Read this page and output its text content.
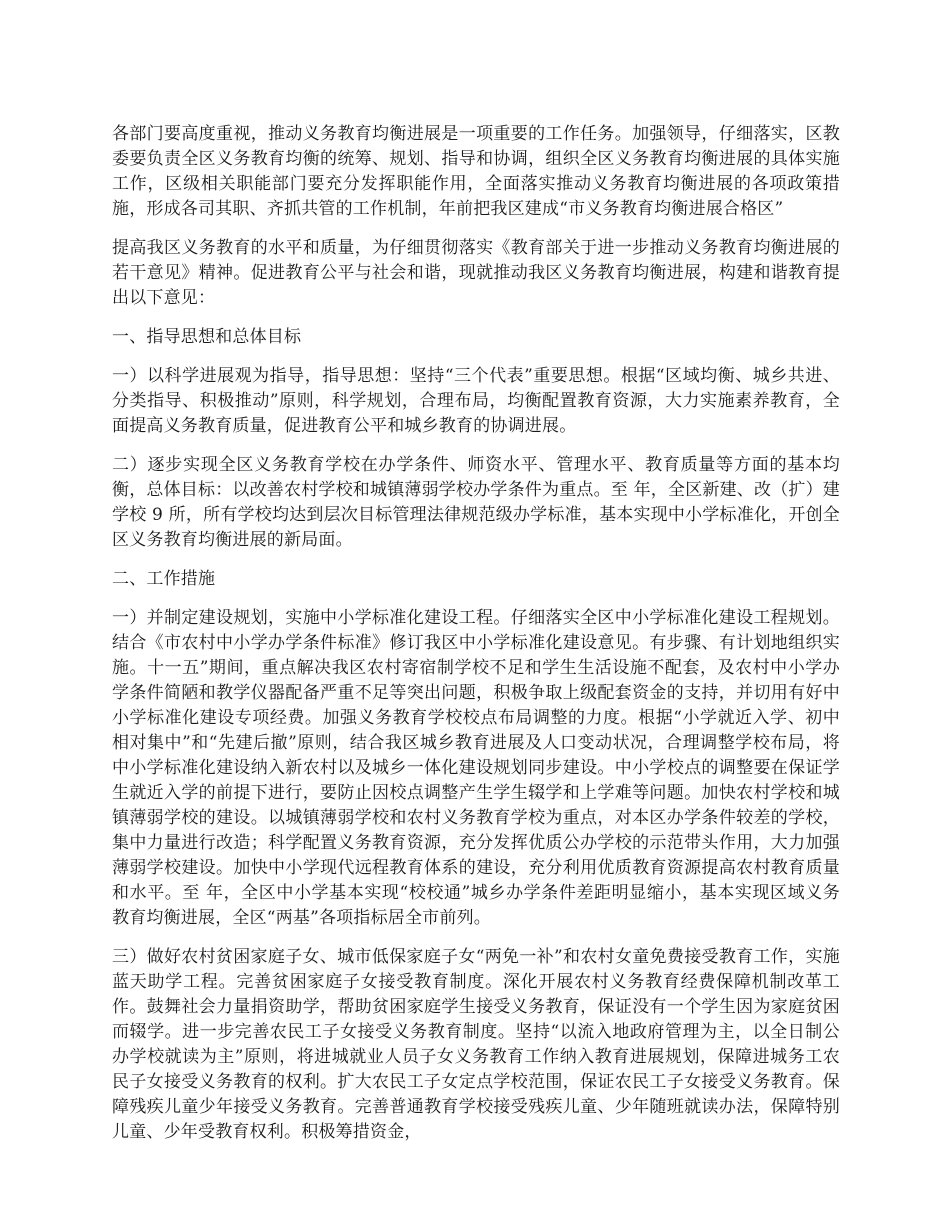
各部门要高度重视，推动义务教育均衡进展是一项重要的工作任务。加强领导，仔细落实，区教委要负责全区义务教育均衡的统筹、规划、指导和协调，组织全区义务教育均衡进展的具体实施工作，区级相关职能部门要充分发挥职能作用，全面落实推动义务教育均衡进展的各项政策措施，形成各司其职、齐抓共管的工作机制，年前把我区建成“市义务教育均衡进展合格区”

提高我区义务教育的水平和质量，为仔细贯彻落实《教育部关于进一步推动义务教育均衡进展的若干意见》精神。促进教育公平与社会和谐，现就推动我区义务教育均衡进展，构建和谐教育提出以下意见：

一、指导思想和总体目标

一）以科学进展观为指导，指导思想：坚持“三个代表”重要思想。根据“区域均衡、城乡共进、分类指导、积极推动”原则，科学规划，合理布局，均衡配置教育资源，大力实施素养教育，全面提高义务教育质量，促进教育公平和城乡教育的协调进展。

二）逐步实现全区义务教育学校在办学条件、师资水平、管理水平、教育质量等方面的基本均衡，总体目标：以改善农村学校和城镇薄弱学校办学条件为重点。至 年，全区新建、改（扩）建学校 9 所，所有学校均达到层次目标管理法律规范级办学标准，基本实现中小学标准化，开创全区义务教育均衡进展的新局面。

二、工作措施

一）并制定建设规划，实施中小学标准化建设工程。仔细落实全区中小学标准化建设工程规划。结合《市农村中小学办学条件标准》修订我区中小学标准化建设意见。有步骤、有计划地组织实施。十一五”期间，重点解决我区农村寄宿制学校不足和学生生活设施不配套，及农村中小学办学条件简陋和教学仪器配备严重不足等突出问题，积极争取上级配套资金的支持，并切用有好中小学标准化建设专项经费。加强义务教育学校校点布局调整的力度。根据“小学就近入学、初中相对集中”和“先建后撤”原则，结合我区城乡教育进展及人口变动状况，合理调整学校布局，将中小学标准化建设纳入新农村以及城乡一体化建设规划同步建设。中小学校点的调整要在保证学生就近入学的前提下进行，要防止因校点调整产生学生辍学和上学难等问题。加快农村学校和城镇薄弱学校的建设。以城镇薄弱学校和农村义务教育学校为重点，对本区办学条件较差的学校，集中力量进行改造；科学配置义务教育资源，充分发挥优质公办学校的示范带头作用，大力加强薄弱学校建设。加快中小学现代远程教育体系的建设，充分利用优质教育资源提高农村教育质量和水平。至 年，全区中小学基本实现“校校通”城乡办学条件差距明显缩小，基本实现区域义务教育均衡进展，全区“两基”各项指标居全市前列。

三）做好农村贫困家庭子女、城市低保家庭子女“两免一补”和农村女童免费接受教育工作，实施蓝天助学工程。完善贫困家庭子女接受教育制度。深化开展农村义务教育经费保障机制改革工作。鼓舞社会力量捐资助学，帮助贫困家庭学生接受义务教育，保证没有一个学生因为家庭贫困而辍学。进一步完善农民工子女接受义务教育制度。坚持“以流入地政府管理为主，以全日制公办学校就读为主”原则，将进城就业人员子女义务教育工作纳入教育进展规划，保障进城务工农民子女接受义务教育的权利。扩大农民工子女定点学校范围，保证农民工子女接受义务教育。保障残疾儿童少年接受义务教育。完善普通教育学校接受残疾儿童、少年随班就读办法，保障特别儿童、少年受教育权利。积极筹措资金，
